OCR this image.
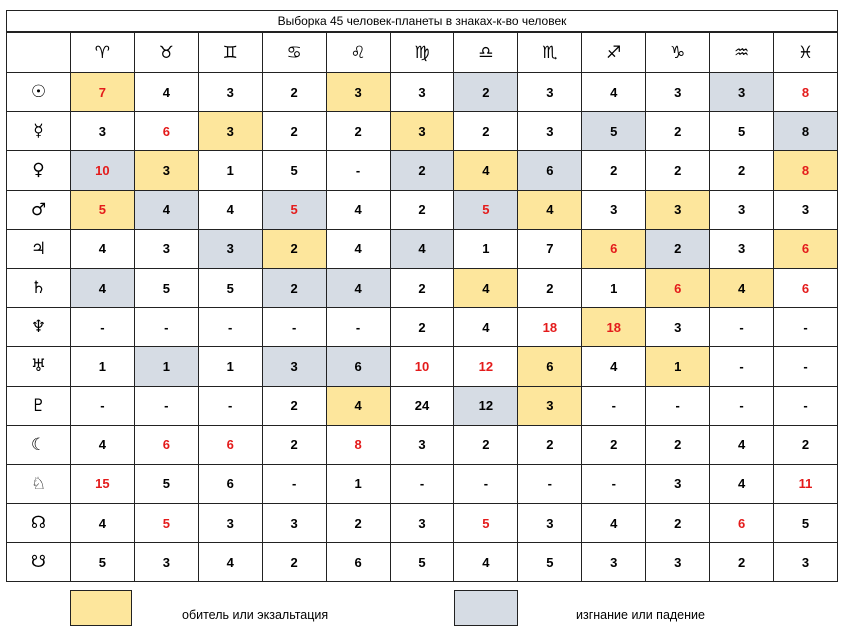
Выборка 45 человек-планеты в знаках-к-во человек
	♈	♉	♊	♋	♌	♍	♎	♏	♐	♑	♒	♓
☉	7	4	3	2	3	3	2	3	4	3	3	8
☿	3	6	3	2	2	3	2	3	5	2	5	8
♀	10	3	1	5	-	2	4	6	2	2	2	8
♂	5	4	4	5	4	2	5	4	3	3	3	3
♃	4	3	3	2	4	4	1	7	6	2	3	6
♄	4	5	5	2	4	2	4	2	1	6	4	6
♆	-	-	-	-	-	2	4	18	18	3	-	-
♅	1	1	1	3	6	10	12	6	4	1	-	-
♇	-	-	-	2	4	24	12	3	-	-	-	-
☾	4	6	6	2	8	3	2	2	2	2	4	2
♘	15	5	6	-	1	-	-	-	-	3	4	11
☊	4	5	3	3	2	3	5	3	4	2	6	5
☋	5	3	4	2	6	5	4	5	3	3	2	3
обитель или экзальтация	изгнание или падение
